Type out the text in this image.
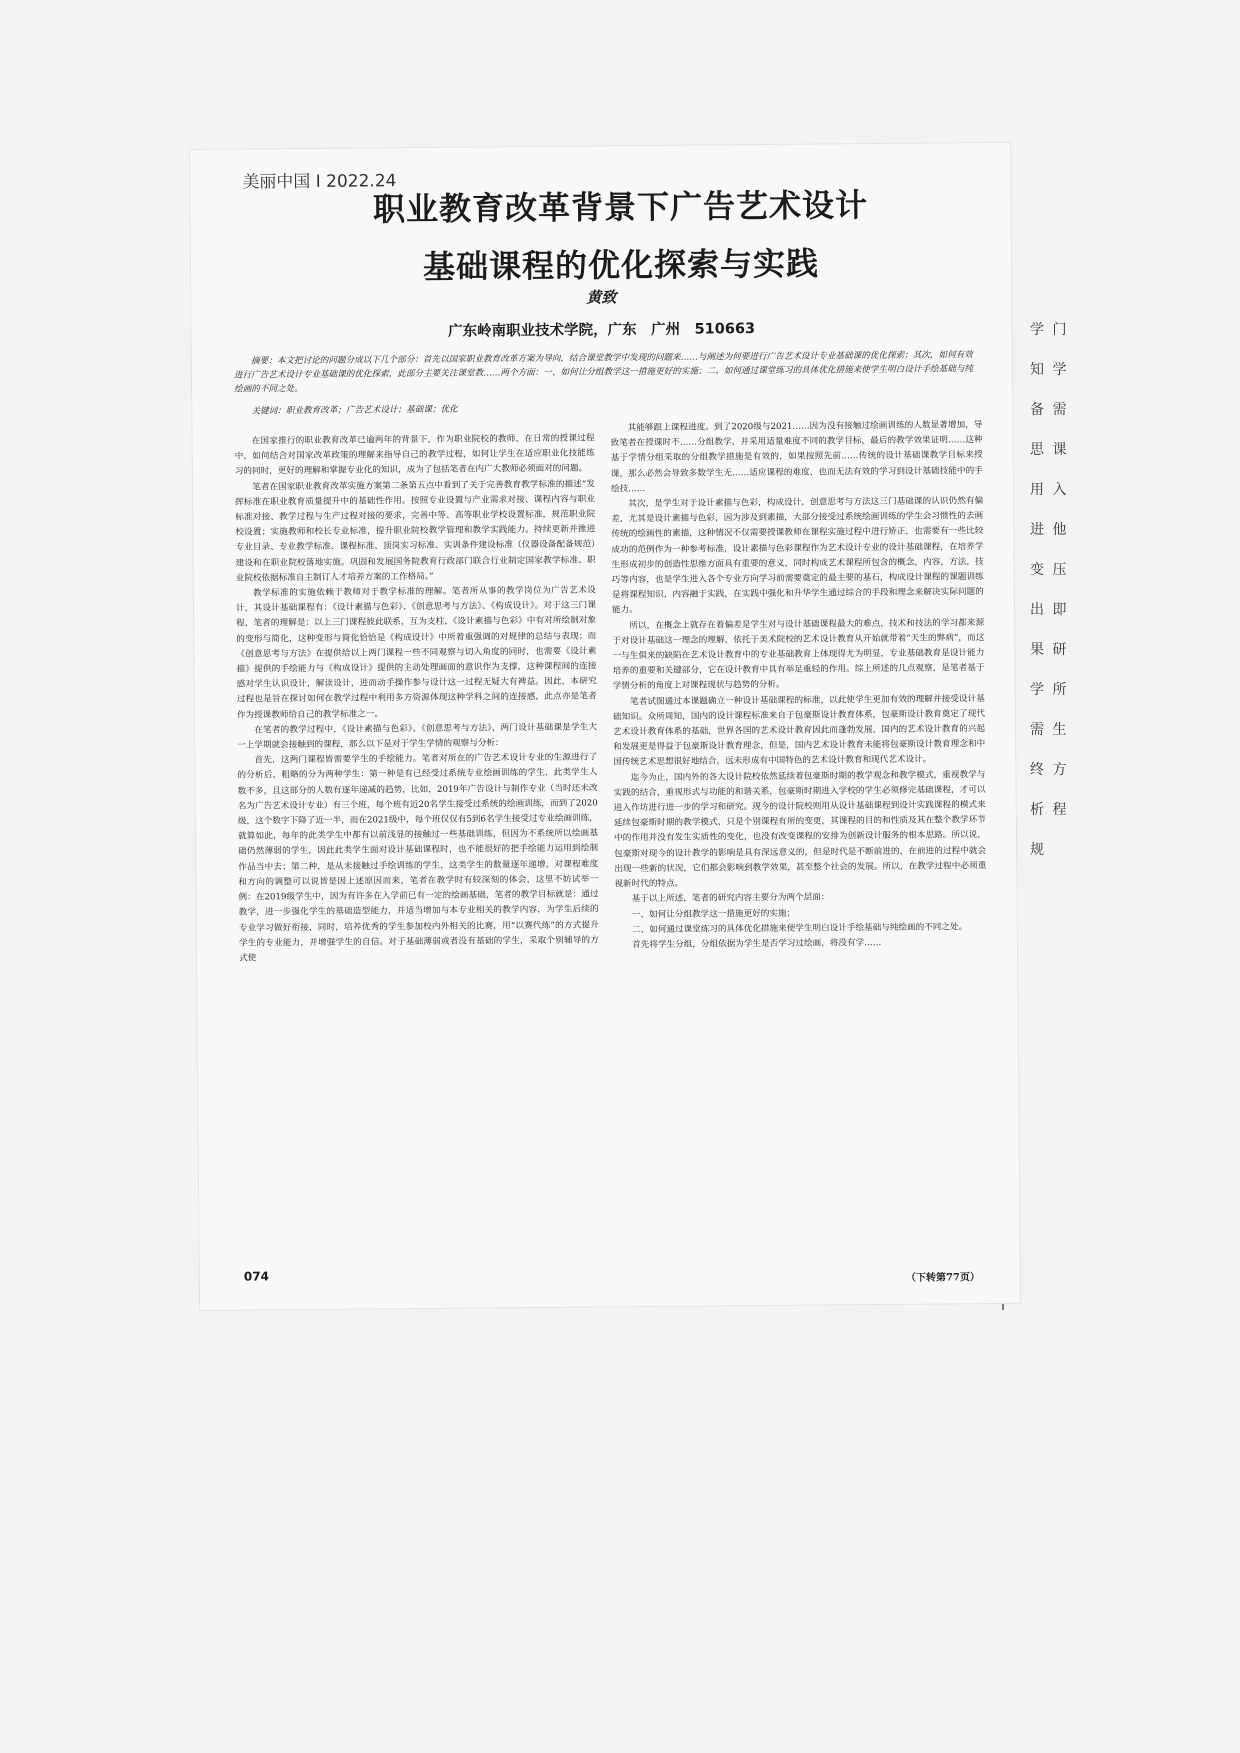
学 门 知 学 备 需 思 课 用 入 进 他 变 压 出 即 果 研 学 所 需 生 终 方 析 程 规
美丽中国 I 2022.24
职业教育改革背景下广告艺术设计
基础课程的优化探索与实践
黄致
广东岭南职业技术学院，广东　广州　510663
摘要：本文把讨论的问题分成以下几个部分：首先以国家职业教育改革方案为导向，结合课堂教学中发现的问题来……与阐述为何要进行广告艺术设计专业基础课的优化探索；其次，如何有效进行广告艺术设计专业基础课的优化探索，此部分主要关注课堂教……两个方面：一、如何让分组教学这一措施更好的实施；二、如何通过课堂练习的具体优化措施来使学生明白设计手绘基础与纯绘画的不同之处。
关键词：职业教育改革；广告艺术设计；基础课；优化

在国家推行的职业教育改革已逾两年的背景下，作为职业院校的教师，在日常的授课过程中，如何结合对国家改革政策的理解来指导自己的教学过程，如何让学生在适应职业化技能练习的同时，更好的理解和掌握专业化的知识，成为了包括笔者在内广大教师必须面对的问题。

笔者在国家职业教育改革实施方案第二条第五点中看到了关于完善教育教学标准的描述“发挥标准在职业教育质量提升中的基础性作用。按照专业设置与产业需求对接、课程内容与职业标准对接、教学过程与生产过程对接的要求，完善中等、高等职业学校设置标准，规范职业院校设置；实施教师和校长专业标准，提升职业院校教学管理和教学实践能力。持续更新并推进专业目录、专业教学标准、课程标准、顶岗实习标准、实训条件建设标准（仪器设备配备规范）建设和在职业院校落地实施。巩固和发展国务院教育行政部门联合行业制定国家教学标准、职业院校依据标准自主制订人才培养方案的工作格局。”

教学标准的实施依赖于教师对于教学标准的理解。笔者所从事的教学岗位为广告艺术设计，其设计基础课程有：《设计素描与色彩》、《创意思考与方法》、《构成设计》。对于这三门课程，笔者的理解是：以上三门课程彼此联系，互为支柱，《设计素描与色彩》中有对所绘制对象的变形与简化，这种变形与简化恰恰是《构成设计》中所着重强调的对规律的总结与表现；而《创意思考与方法》在提供给以上两门课程一些不同观察与切入角度的同时，也需要《设计素描》提供的手绘能力与《构成设计》提供的主动处理画面的意识作为支撑，这种课程间的连接感对学生认识设计，解读设计，进而动手操作参与设计这一过程无疑大有裨益。因此，本研究过程也是旨在探讨如何在教学过程中利用多方资源体现这种学科之间的连接感，此点亦是笔者作为授课教师给自己的教学标准之一。

在笔者的教学过程中，《设计素描与色彩》、《创意思考与方法》，两门设计基础课是学生大一上学期就会接触到的课程，那么以下是对于学生学情的观察与分析：

首先，这两门课程皆需要学生的手绘能力。笔者对所在的广告艺术设计专业的生源进行了的分析后，粗略的分为两种学生：第一种是有已经受过系统专业绘画训练的学生，此类学生人数不多，且这部分的人数有逐年递减的趋势，比如，2019年广告设计与制作专业（当时还未改名为广告艺术设计专业）有三个班，每个班有近20名学生接受过系统的绘画训练，而到了2020级，这个数字下降了近一半，而在2021级中，每个班仅仅有5到6名学生接受过专业绘画训练，就算如此，每年的此类学生中都有以前浅显的接触过一些基础训练，但因为不系统所以绘画基础仍然薄弱的学生，因此此类学生面对设计基础课程时，也不能很好的把手绘能力运用到绘制作品当中去；第二种，是从未接触过手绘训练的学生，这类学生的数量逐年递增，对课程难度和方向的调整可以说皆是因上述原因而来，笔者在教学时有较深刻的体会，这里不妨试举一例：在2019级学生中，因为有许多在入学前已有一定的绘画基础，笔者的教学目标就是：通过教学，进一步强化学生的基础造型能力，并适当增加与本专业相关的教学内容，为学生后续的专业学习做好衔接，同时，培养优秀的学生参加校内外相关的比赛，用“以赛代练”的方式提升学生的专业能力，并增强学生的自信。对于基础薄弱或者没有基础的学生，采取个别辅导的方式使

其能够跟上课程进度。到了2020级与2021……因为没有接触过绘画训练的人数显著增加，导致笔者在授课时不……分组教学，并采用适量难度不同的教学目标，最后的教学效果证明……这种基于学情分组采取的分组教学措施是有效的，如果按照先前……传统的设计基础课教学目标来授课，那么必然会导致多数学生无……适应课程的难度，也而无法有效的学习到设计基础技能中的手绘技……

其次，是学生对于设计素描与色彩，构成设计，创意思考与方法这三门基础课的认识仍然有偏差，尤其是设计素描与色彩，因为涉及到素描，大部分接受过系统绘画训练的学生会习惯性的去画传统的绘画性的素描，这种情况不仅需要授课教师在课程实施过程中进行矫正，也需要有一些比较成功的范例作为一种参考标准，设计素描与色彩课程作为艺术设计专业的设计基础课程，在培养学生形成初步的创造性思维方面具有重要的意义，同时构成艺术课程所包含的概念，内容，方法，技巧等内容，也是学生进入各个专业方向学习前需要奠定的最主要的基石，构成设计课程的课题训练是将课程知识，内容融于实践，在实践中强化和升华学生通过综合的手段和理念来解决实际问题的能力。

所以，在概念上就存在着偏差是学生对与设计基础课程最大的难点，技术和技法的学习都来源于对设计基础这一理念的理解，依托于美术院校的艺术设计教育从开始就带着“天生的弊病”，而这一与生俱来的缺陷在艺术设计教育中的专业基础教育上体现得尤为明显，专业基础教育是设计能力培养的重要和关键部分，它在设计教育中具有举足重轻的作用。综上所述的几点观察，是笔者基于学情分析的角度上对课程现状与趋势的分析。

笔者试图通过本课题确立一种设计基础课程的标准，以此使学生更加有效的理解并接受设计基础知识。众所周知，国内的设计课程标准来自于包豪斯设计教育体系，包豪斯设计教育奠定了现代艺术设计教育体系的基础，世界各国的艺术设计教育因此而蓬勃发展，国内的艺术设计教育的兴起和发展更是得益于包豪斯设计教育理念，但是，国内艺术设计教育未能将包豪斯设计教育理念和中国传统艺术思想很好地结合，远未形成有中国特色的艺术设计教育和现代艺术设计。

迄今为止，国内外的各大设计院校依然延续着包豪斯时期的教学观念和教学模式，重视教学与实践的结合，重视形式与功能的和谐关系，包豪斯时期进入学校的学生必须修完基础课程，才可以进入作坊进行进一步的学习和研究。现今的设计院校则用从设计基础课程到设计实践课程的模式来延续包豪斯时期的教学模式，只是个别课程有所的变更，其课程的目的和性质及其在整个教学环节中的作用并没有发生实质性的变化，也没有改变课程的安排为创新设计服务的根本思路。所以说，包豪斯对现今的设计教学的影响是具有深远意义的，但是时代是不断前进的，在前进的过程中就会出现一些新的状况，它们都会影响到教学效果，甚至整个社会的发展。所以，在教学过程中必须重视新时代的特点。

基于以上所述，笔者的研究内容主要分为两个层面：

一、如何让分组教学这一措施更好的实施；

二、如何通过课堂练习的具体优化措施来使学生明白设计手绘基础与纯绘画的不同之处。

首先将学生分组，分组依据为学生是否学习过绘画，将没有学……

074	（下转第77页）
